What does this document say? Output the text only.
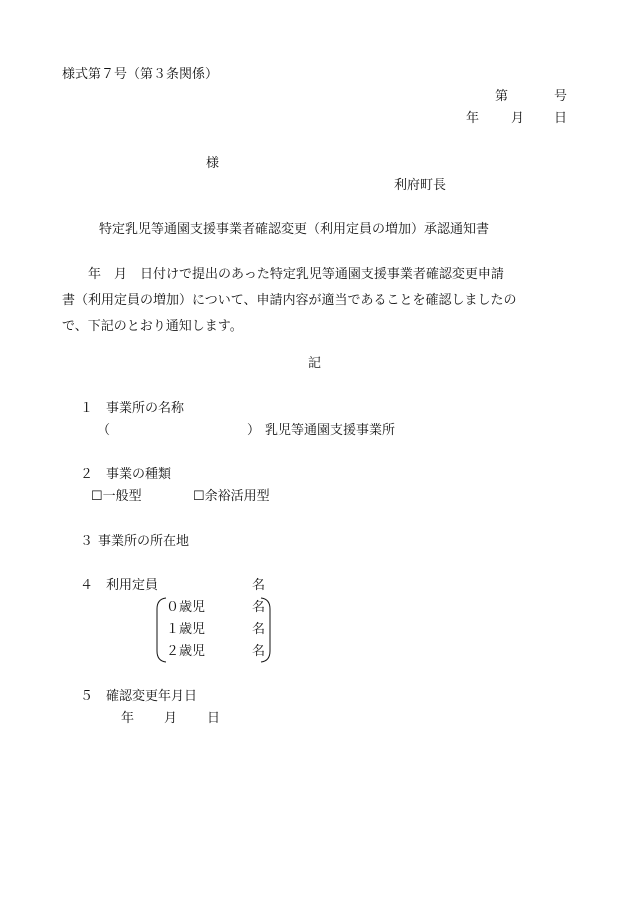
様式第７号（第３条関係）
第	号
年 月 日
様
利府町長
特定乳児等通園支援事業者確認変更（利用定員の増加）承認通知書
　　年　月　日付けで提出のあった特定乳児等通園支援事業者確認変更申請
書（利用定員の増加）について、申請内容が適当であることを確認しましたの
で、下記のとおり通知します。
記
１ 事業所の名称
（	） 乳児等通園支援事業所
２ 事業の種類
☐一般型	☐余裕活用型
３ 事業所の所在地
４ 利用定員	名
０歳児	名
１歳児	名
２歳児	名
５ 確認変更年月日
年 月 日
